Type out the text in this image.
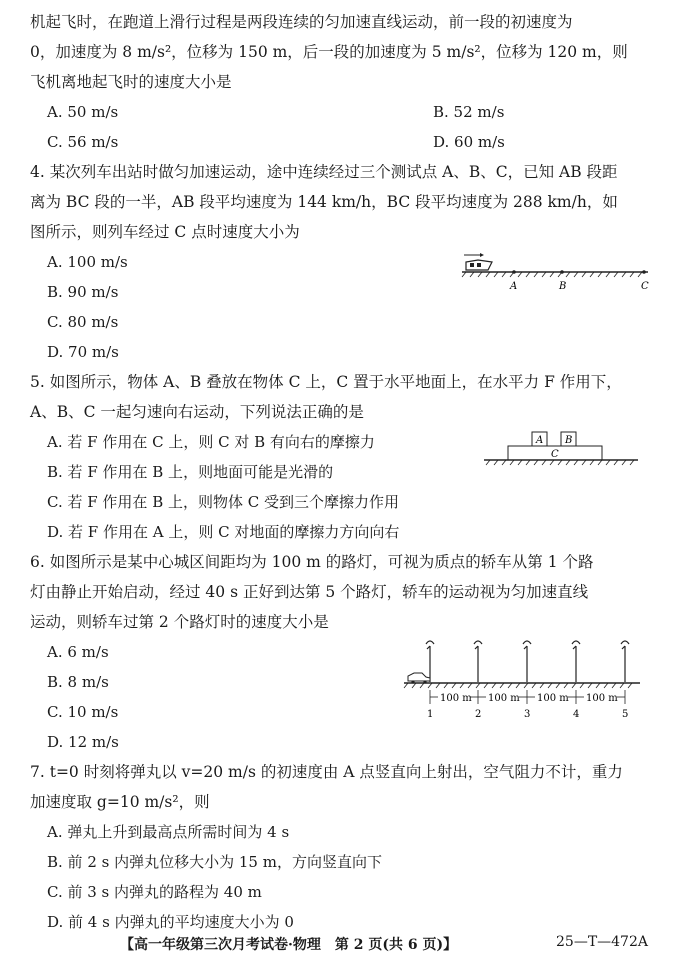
机起飞时，在跑道上滑行过程是两段连续的匀加速直线运动，前一段的初速度为
0，加速度为 8 m/s²，位移为 150 m，后一段的加速度为 5 m/s²，位移为 120 m，则
飞机离地起飞时的速度大小是
A. 50 m/s	B. 52 m/s
C. 56 m/s	D. 60 m/s
4. 某次列车出站时做匀加速运动，途中连续经过三个测试点 A、B、C，已知 AB 段距
离为 BC 段的一半，AB 段平均速度为 144 km/h，BC 段平均速度为 288 km/h，如
图所示，则列车经过 C 点时速度大小为
A. 100 m/s
B. 90 m/s
C. 80 m/s
D. 70 m/s
A	B	C
5. 如图所示，物体 A、B 叠放在物体 C 上，C 置于水平地面上，在水平力 F 作用下，
A、B、C 一起匀速向右运动，下列说法正确的是
A. 若 F 作用在 C 上，则 C 对 B 有向右的摩擦力
B. 若 F 作用在 B 上，则地面可能是光滑的
C. 若 F 作用在 B 上，则物体 C 受到三个摩擦力作用
D. 若 F 作用在 A 上，则 C 对地面的摩擦力方向向右
A B
C
6. 如图所示是某中心城区间距均为 100 m 的路灯，可视为质点的轿车从第 1 个路
灯由静止开始启动，经过 40 s 正好到达第 5 个路灯，轿车的运动视为匀加速直线
运动，则轿车过第 2 个路灯时的速度大小是
A. 6 m/s
B. 8 m/s
C. 10 m/s
D. 12 m/s
100 m 100 m 100 m 100 m
1	2	3	4	5
7. t=0 时刻将弹丸以 v=20 m/s 的初速度由 A 点竖直向上射出，空气阻力不计，重力
加速度取 g=10 m/s²，则
A. 弹丸上升到最高点所需时间为 4 s
B. 前 2 s 内弹丸位移大小为 15 m，方向竖直向下
C. 前 3 s 内弹丸的路程为 40 m
D. 前 4 s 内弹丸的平均速度大小为 0
【高一年级第三次月考试卷·物理　第 2 页(共 6 页)】	25—T—472A
